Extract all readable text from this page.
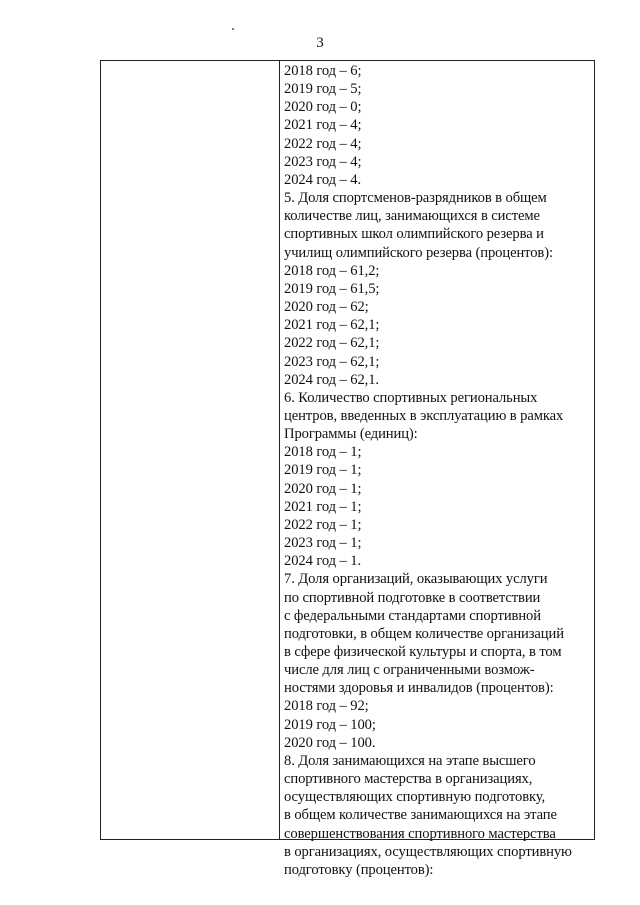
3
2018 год – 6;
2019 год – 5;
2020 год – 0;
2021 год – 4;
2022 год – 4;
2023 год – 4;
2024 год – 4.
5. Доля спортсменов-разрядников в общем
количестве лиц, занимающихся в системе
спортивных школ олимпийского резерва и
училищ олимпийского резерва (процентов):
2018 год – 61,2;
2019 год – 61,5;
2020 год – 62;
2021 год – 62,1;
2022 год – 62,1;
2023 год – 62,1;
2024 год – 62,1.
6. Количество спортивных региональных
центров, введенных в эксплуатацию в рамках
Программы (единиц):
2018 год – 1;
2019 год – 1;
2020 год – 1;
2021 год – 1;
2022 год – 1;
2023 год – 1;
2024 год – 1.
7. Доля организаций, оказывающих услуги
по спортивной подготовке в соответствии
с федеральными стандартами спортивной
подготовки, в общем количестве организаций
в сфере физической культуры и спорта, в том
числе для лиц с ограниченными возмож-
ностями здоровья и инвалидов (процентов):
2018 год – 92;
2019 год – 100;
2020 год – 100.
8. Доля занимающихся на этапе высшего
спортивного мастерства в организациях,
осуществляющих спортивную подготовку,
в общем количестве занимающихся на этапе
совершенствования спортивного мастерства
в организациях, осуществляющих спортивную
подготовку (процентов):
